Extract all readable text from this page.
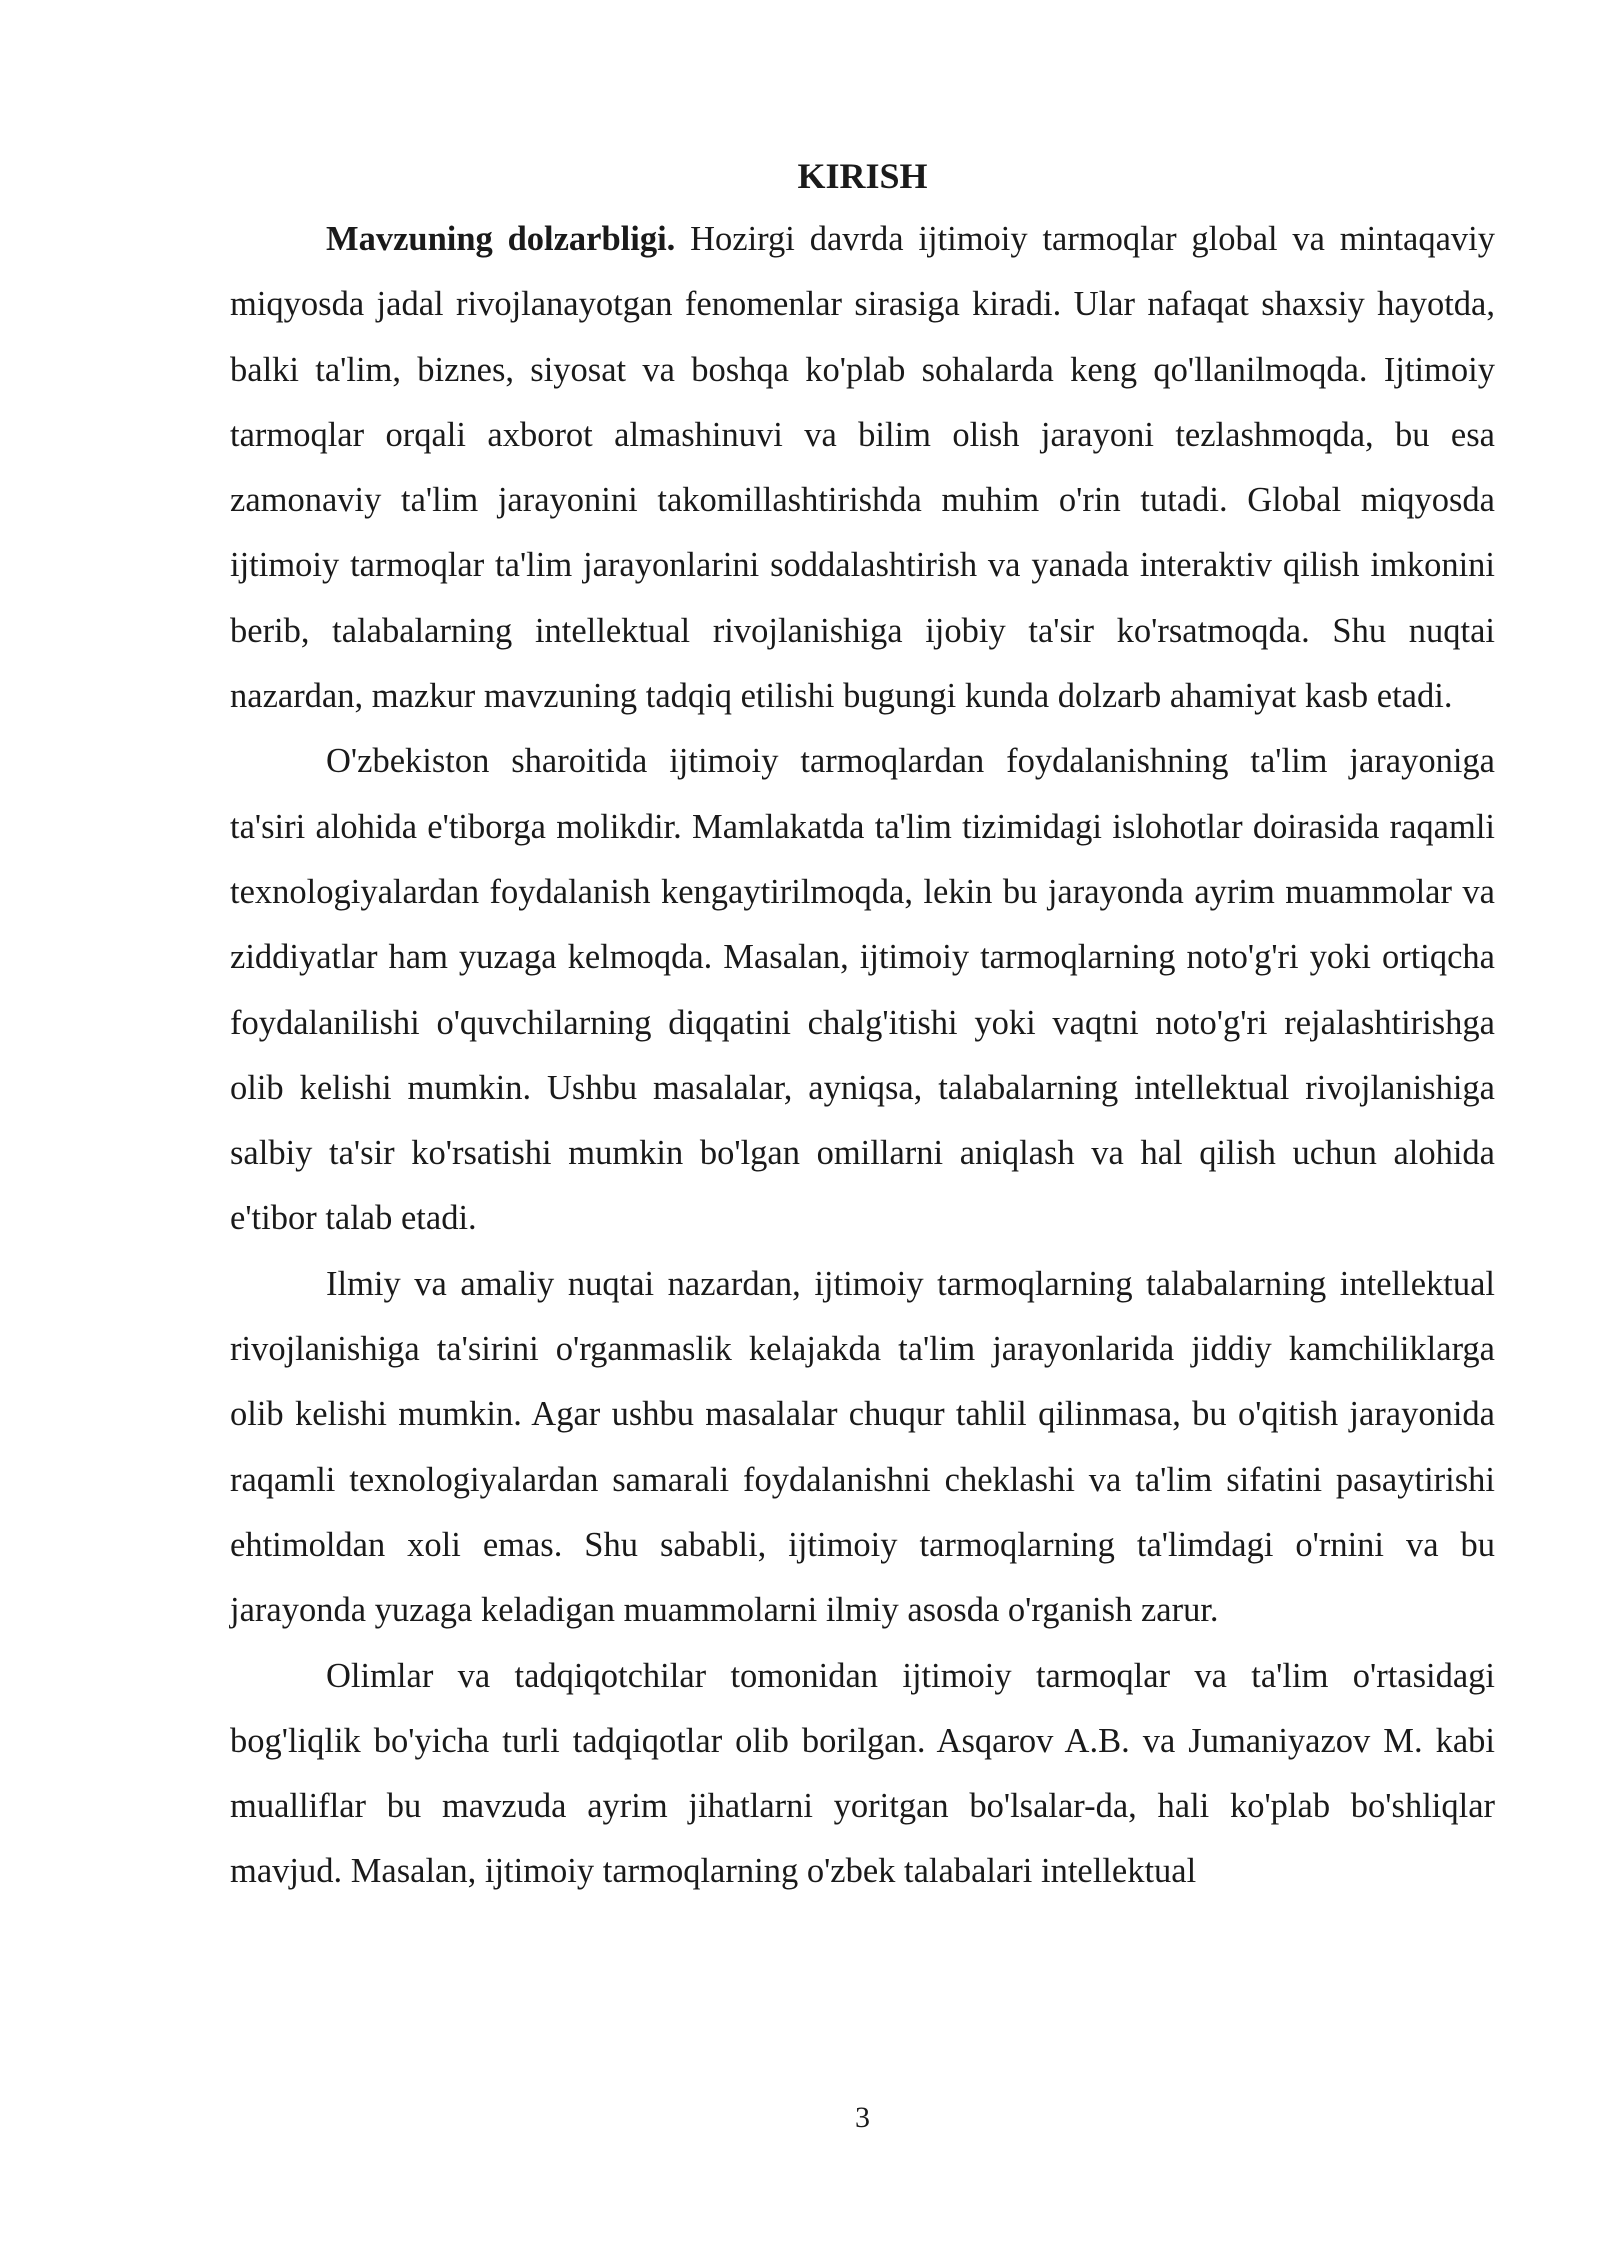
KIRISH

Mavzuning dolzarbligi. Hozirgi davrda ijtimoiy tarmoqlar global va mintaqaviy miqyosda jadal rivojlanayotgan fenomenlar sirasiga kiradi. Ular nafaqat shaxsiy hayotda, balki ta'lim, biznes, siyosat va boshqa ko'plab sohalarda keng qo'llanilmoqda. Ijtimoiy tarmoqlar orqali axborot almashinuvi va bilim olish jarayoni tezlashmoqda, bu esa zamonaviy ta'lim jarayonini takomillashtirishda muhim o'rin tutadi. Global miqyosda ijtimoiy tarmoqlar ta'lim jarayonlarini soddalashtirish va yanada interaktiv qilish imkonini berib, talabalarning intellektual rivojlanishiga ijobiy ta'sir ko'rsatmoqda. Shu nuqtai nazardan, mazkur mavzuning tadqiq etilishi bugungi kunda dolzarb ahamiyat kasb etadi.

O'zbekiston sharoitida ijtimoiy tarmoqlardan foydalanishning ta'lim jarayoniga ta'siri alohida e'tiborga molikdir. Mamlakatda ta'lim tizimidagi islohotlar doirasida raqamli texnologiyalardan foydalanish kengaytirilmoqda, lekin bu jarayonda ayrim muammolar va ziddiyatlar ham yuzaga kelmoqda. Masalan, ijtimoiy tarmoqlarning noto'g'ri yoki ortiqcha foydalanilishi o'quvchilarning diqqatini chalg'itishi yoki vaqtni noto'g'ri rejalashtirishga olib kelishi mumkin. Ushbu masalalar, ayniqsa, talabalarning intellektual rivojlanishiga salbiy ta'sir ko'rsatishi mumkin bo'lgan omillarni aniqlash va hal qilish uchun alohida e'tibor talab etadi.

Ilmiy va amaliy nuqtai nazardan, ijtimoiy tarmoqlarning talabalarning intellektual rivojlanishiga ta'sirini o'rganmaslik kelajakda ta'lim jarayonlarida jiddiy kamchiliklarga olib kelishi mumkin. Agar ushbu masalalar chuqur tahlil qilinmasa, bu o'qitish jarayonida raqamli texnologiyalardan samarali foydalanishni cheklashi va ta'lim sifatini pasaytirishi ehtimoldan xoli emas. Shu sababli, ijtimoiy tarmoqlarning ta'limdagi o'rnini va bu jarayonda yuzaga keladigan muammolarni ilmiy asosda o'rganish zarur.

Olimlar va tadqiqotchilar tomonidan ijtimoiy tarmoqlar va ta'lim o'rtasidagi bog'liqlik bo'yicha turli tadqiqotlar olib borilgan. Asqarov A.B. va Jumaniyazov M. kabi mualliflar bu mavzuda ayrim jihatlarni yoritgan bo'lsalar-da, hali ko'plab bo'shliqlar mavjud. Masalan, ijtimoiy tarmoqlarning o'zbek talabalari intellektual

3
